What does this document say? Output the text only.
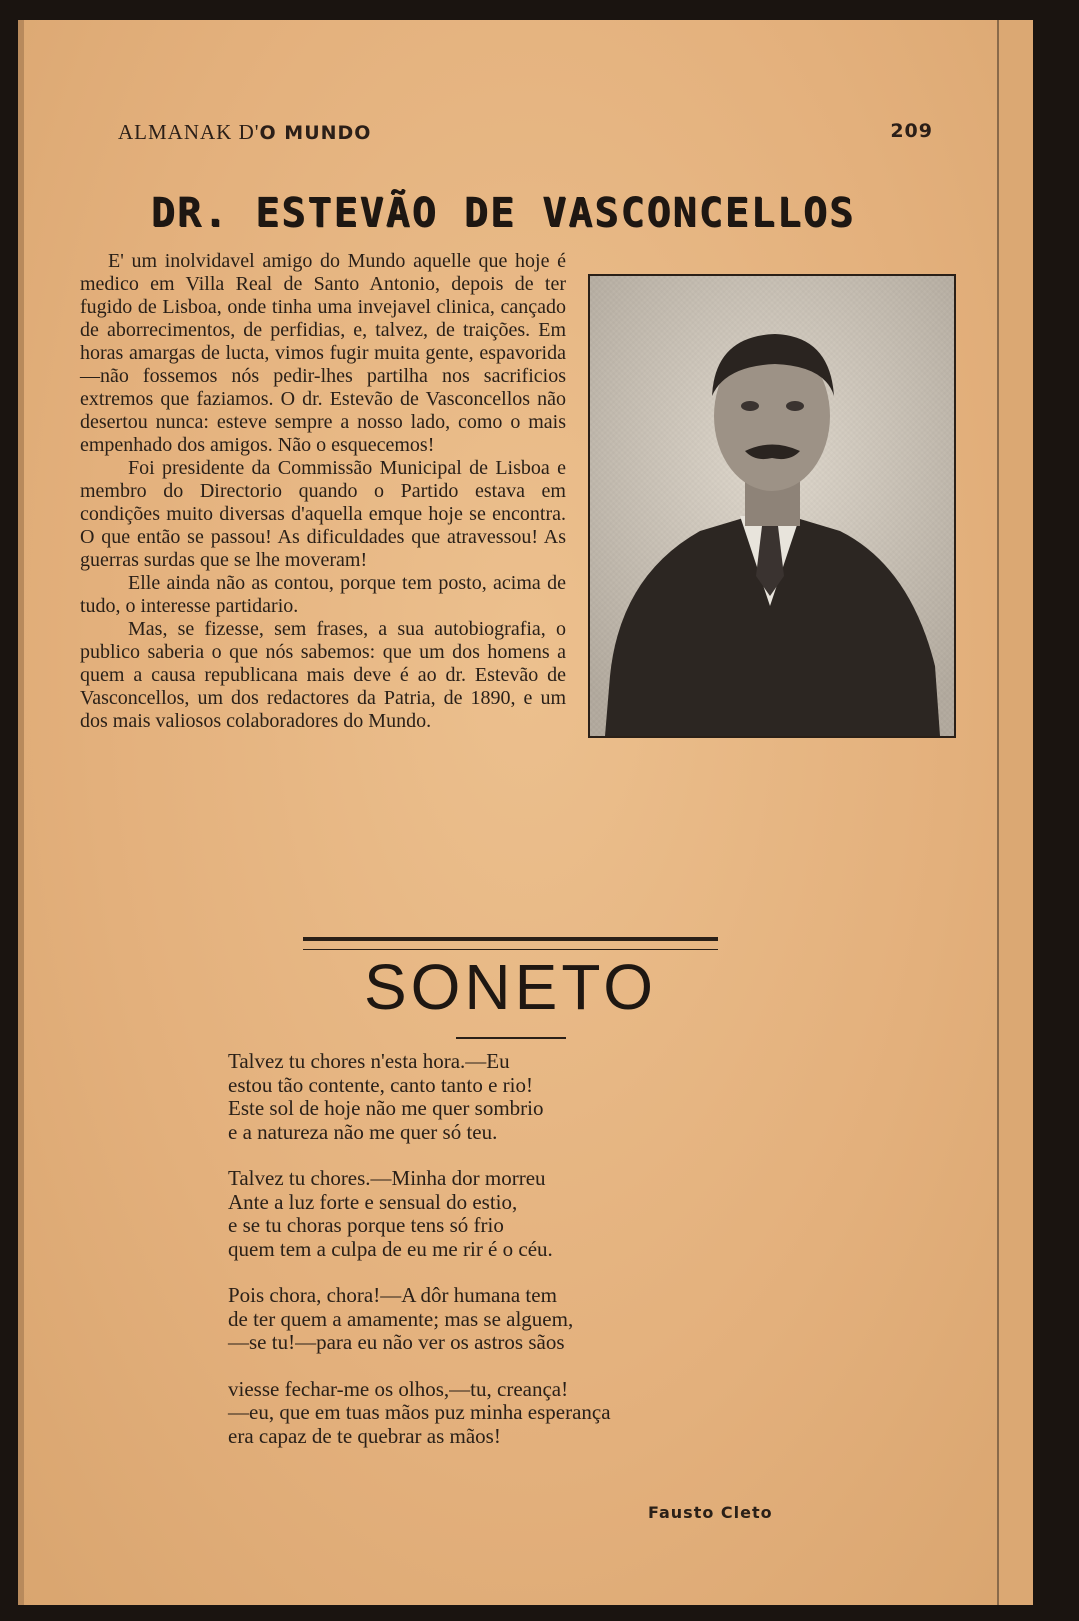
ALMANAK D'O MUNDO	209
DR. ESTEVÃO DE VASCONCELLOS

E' um inolvidavel amigo do Mundo aquelle que hoje é medico em Villa Real de Santo Antonio, depois de ter fugido de Lisboa, onde tinha uma invejavel clinica, cançado de aborrecimentos, de perfidias, e, talvez, de traições. Em horas amargas de lucta, vimos fugir muita gente, espavorida —não fossemos nós pedir-lhes partilha nos sacrificios extremos que faziamos. O dr. Estevão de Vasconcellos não desertou nunca: esteve sempre a nosso lado, como o mais empenhado dos amigos. Não o esquecemos!

Foi presidente da Commissão Municipal de Lisboa e membro do Directorio quando o Partido estava em condições muito diversas d'aquella emque hoje se encontra. O que então se passou! As dificuldades que atravessou! As guerras surdas que se lhe moveram!

Elle ainda não as contou, porque tem posto, acima de tudo, o interesse partidario.

Mas, se fizesse, sem frases, a sua autobiografia, o publico saberia o que nós sabemos: que um dos homens a quem a causa republicana mais deve é ao dr. Estevão de Vasconcellos, um dos redactores da Patria, de 1890, e um dos mais valiosos colaboradores do Mundo.

SONETO
Talvez tu chores n'esta hora.—Eu
estou tão contente, canto tanto e rio!
Este sol de hoje não me quer sombrio
e a natureza não me quer só teu.
Talvez tu chores.—Minha dor morreu
Ante a luz forte e sensual do estio,
e se tu choras porque tens só frio
quem tem a culpa de eu me rir é o céu.
Pois chora, chora!—A dôr humana tem
de ter quem a amamente; mas se alguem,
—se tu!—para eu não ver os astros sãos
viesse fechar-me os olhos,—tu, creança!
—eu, que em tuas mãos puz minha esperança
era capaz de te quebrar as mãos!
Fausto Cleto
